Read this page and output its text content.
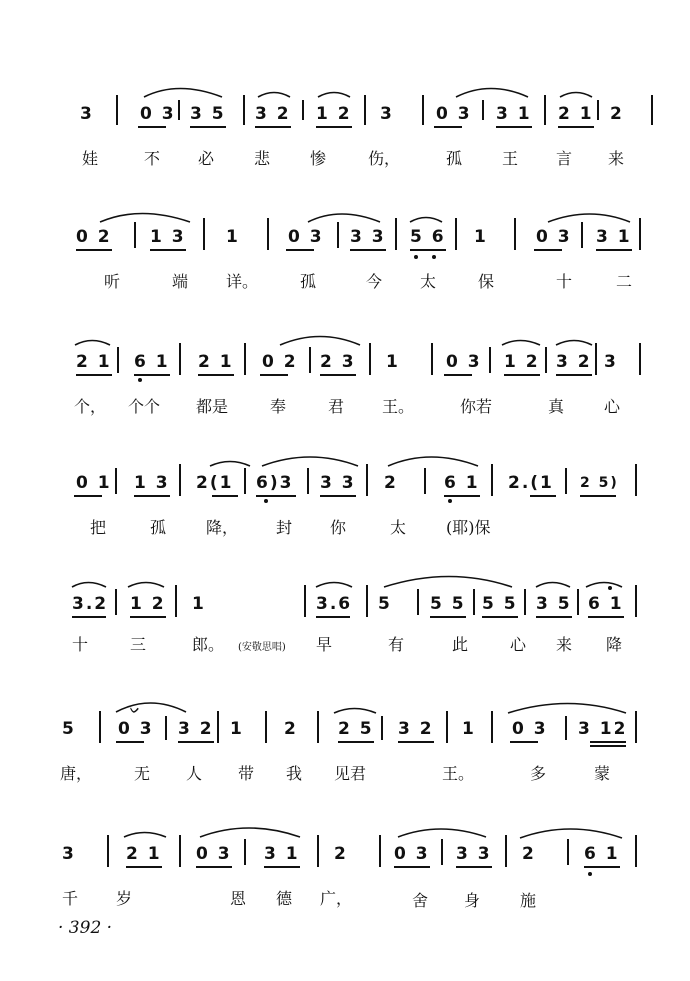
3	0 3 3 5 3 2 1 2 3 0 3 3 1 2 1 2
娃	不 必 悲 惨	伤，	孤 王 言 来
0 2 1 3 1	0 3 3 3 5 6 1	0 3 3 1
听	端 详。	孤	今 太	保	十	二
2 1 6 1 2 1 0 2 2 3 1	0 3 1 2 3 2 3
个， 个个 都是	奉	君 王。	你若	真 心
0 1 1 3 2(1 6)3 3 3 2	6 1 2.(1 2 5)
把	孤 降， 封 你	太 (耶)保
3.2 1 2 1	3.6 5 5 5 5 5 3 5 6 1
十	三	郎。 (安敬思唱) 早	有	此	心 来 降
5 0 3 3 2 1 2 2 5 3 2 1 0 3 3 12
ᨆ
唐，	无 人 带 我 见君	王。	多	蒙
3	2 1 0 3 3 1 2	0 3 3 3 2	6 1
千 岁	恩 德 广，	舍 身 施
· 392 ·
